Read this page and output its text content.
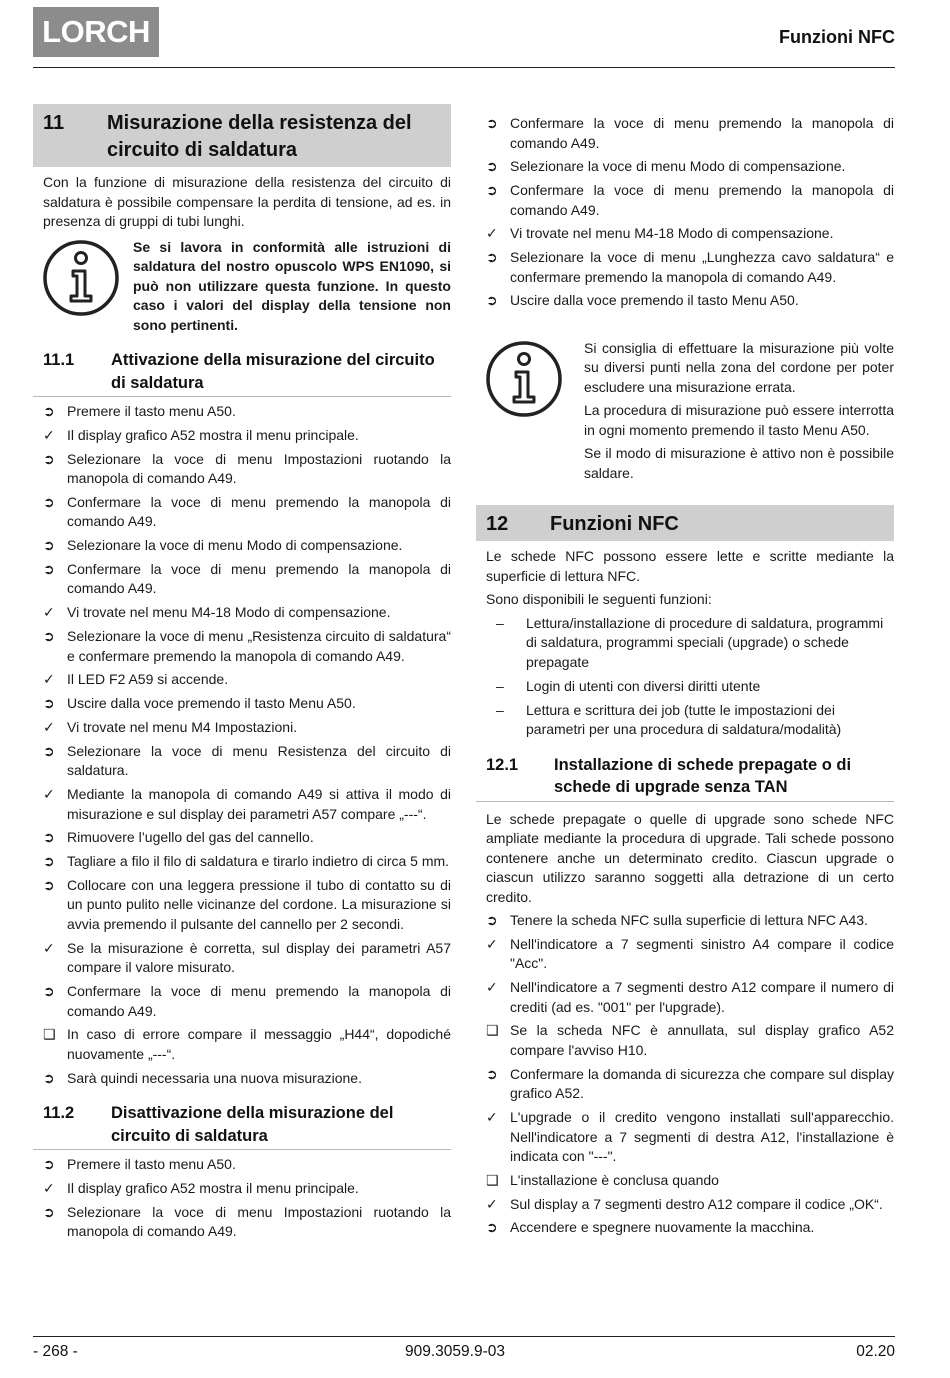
LORCH	Funzioni NFC
11	Misurazione della resistenza del circuito di saldatura

Con la funzione di misurazione della resistenza del circuito di saldatura è possibile compensare la perdita di tensione, ad es. in presenza di gruppi di tubi lunghi.

Se si lavora in conformità alle istruzioni di saldatura del nostro opuscolo WPS EN1090, si può non utilizzare questa funzione. In questo caso i valori del display della tensione non sono pertinenti.
11.1	Attivazione della misurazione del circuito di saldatura
➲ Premere il tasto menu A50.
✓ Il display grafico A52 mostra il menu principale.
➲ Selezionare la voce di menu Impostazioni ruotando la manopola di comando A49.
➲ Confermare la voce di menu premendo la manopola di comando A49.
➲ Selezionare la voce di menu Modo di compensazione.
➲ Confermare la voce di menu premendo la manopola di comando A49.
✓ Vi trovate nel menu M4-18 Modo di compensazione.
➲ Selezionare la voce di menu „Resistenza circuito di saldatura“ e confermare premendo la manopola di comando A49.
✓ Il LED F2 A59 si accende.
➲ Uscire dalla voce premendo il tasto Menu A50.
✓ Vi trovate nel menu M4 Impostazioni.
➲ Selezionare la voce di menu Resistenza del circuito di saldatura.
✓ Mediante la manopola di comando A49 si attiva il modo di misurazione e sul display dei parametri A57 compare „---“.
➲ Rimuovere l’ugello del gas del cannello.
➲ Tagliare a filo il filo di saldatura e tirarlo indietro di circa 5 mm.
➲ Collocare con una leggera pressione il tubo di contatto su di un punto pulito nelle vicinanze del cordone. La misurazione si avvia premendo il pulsante del cannello per 2 secondi.
✓ Se la misurazione è corretta, sul display dei parametri A57 compare il valore misurato.
➲ Confermare la voce di menu premendo la manopola di comando A49.
❑ In caso di errore compare il messaggio „H44“, dopodiché nuovamente „---“.
➲ Sarà quindi necessaria una nuova misurazione.
11.2	Disattivazione della misurazione del circuito di saldatura
➲ Premere il tasto menu A50.
✓ Il display grafico A52 mostra il menu principale.
➲ Selezionare la voce di menu Impostazioni ruotando la manopola di comando A49.
➲ Confermare la voce di menu premendo la manopola di comando A49.
➲ Selezionare la voce di menu Modo di compensazione.
➲ Confermare la voce di menu premendo la manopola di comando A49.
✓ Vi trovate nel menu M4-18 Modo di compensazione.
➲ Selezionare la voce di menu „Lunghezza cavo saldatura“ e confermare premendo la manopola di comando A49.
➲ Uscire dalla voce premendo il tasto Menu A50.

Si consiglia di effettuare la misurazione più volte su diversi punti nella zona del cordone per poter escludere una misurazione errata.

La procedura di misurazione può essere interrotta in ogni momento premendo il tasto Menu A50.

Se il modo di misurazione è attivo non è possibile saldare.

12	Funzioni NFC

Le schede NFC possono essere lette e scritte mediante la superficie di lettura NFC.

Sono disponibili le seguenti funzioni:

–	Lettura/installazione di procedure di saldatura, programmi di saldatura, programmi speciali (upgrade) o schede prepagate
–	Login di utenti con diversi diritti utente
–	Lettura e scrittura dei job (tutte le impostazioni dei parametri per una procedura di saldatura/modalità)
12.1	Installazione di schede prepagate o di schede di upgrade senza TAN

Le schede prepagate o quelle di upgrade sono schede NFC ampliate mediante la procedura di upgrade. Tali schede possono contenere anche un determinato credito. Ciascun upgrade o ciascun utilizzo saranno soggetti alla detrazione di un certo credito.

➲ Tenere la scheda NFC sulla superficie di lettura NFC A43.
✓ Nell'indicatore a 7 segmenti sinistro A4 compare il codice "Acc".
✓ Nell'indicatore a 7 segmenti destro A12 compare il numero di crediti (ad es. "001" per l'upgrade).
❑ Se la scheda NFC è annullata, sul display grafico A52 compare l'avviso H10.
➲ Confermare la domanda di sicurezza che compare sul display grafico A52.
✓ L'upgrade o il credito vengono installati sull'apparecchio. Nell'indicatore a 7 segmenti di destra A12, l'installazione è indicata con "---".
❑ L'installazione è conclusa quando
✓ Sul display a 7 segmenti destro A12 compare il codice „OK“.
➲ Accendere e spegnere nuovamente la macchina.
- 268 -	909.3059.9-03	02.20
